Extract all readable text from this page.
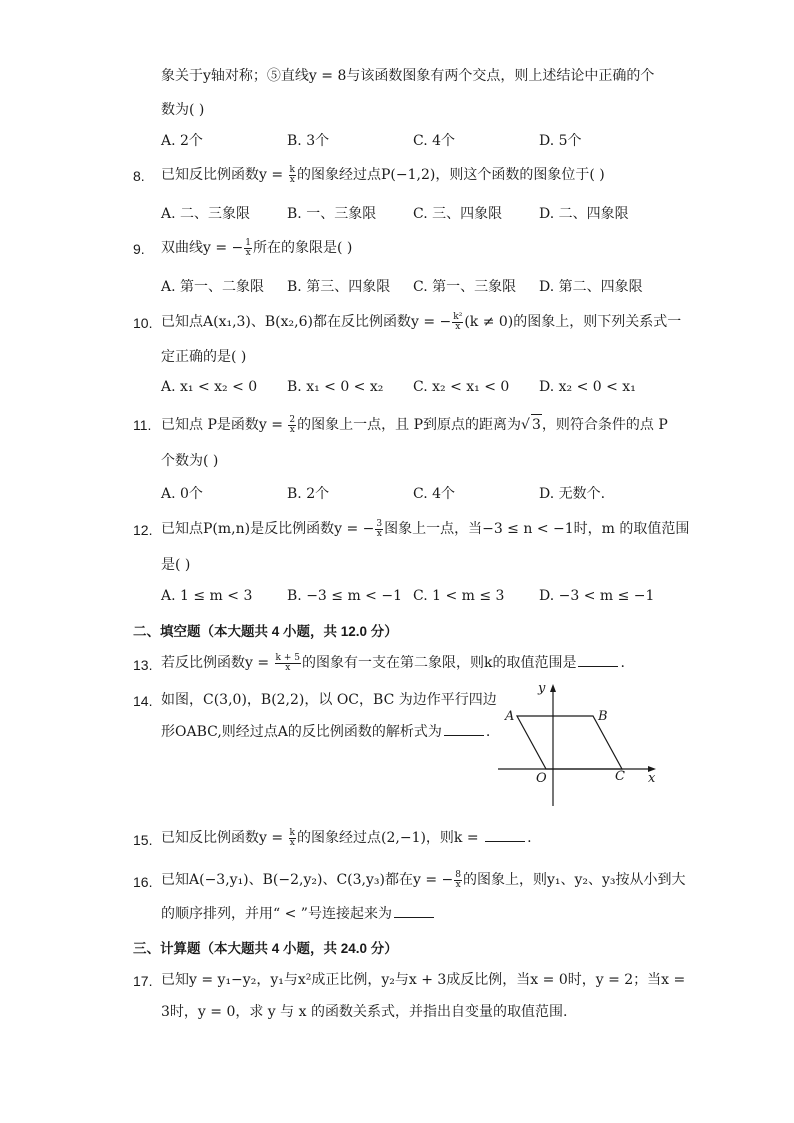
象关于y轴对称；⑤直线y = 8与该函数图象有两个交点，则上述结论中正确的个
数为( )
A. 2个	B. 3个	C. 4个	D. 5个
8. 已知反比例函数$y = \frac{k}{x}$ 的图象经过点P(−1,2)，则这个函数的图象位于( )
A. 二、三象限	B. 一、三象限	C. 三、四象限	D. 二、四象限
9. 双曲线y = − $\frac{1}{x}$ 所在的象限是( )
A. 第一、二象限 B. 第三、四象限 C. 第一、三象限 D. 第二、四象限
10. 已知点A(x₁,3)、B(x₂,6)都在反比例函数y = − $\frac{\text{k²}}{x} (k \ne 0)$的图象上，则下列关系式一
定正确的是( )
A. x₁ < x₂ < 0 B. x₁ < 0 < x₂ C. x₂ < x₁ < 0 D. x₂ < 0 < x₁
11. 已知点 P是函数$y = \frac{2}{x}$ 的图象上一点，且 P到原点的距离为√ 3，则符合条件的点 P
个数为( )
A. 0个	B. 2个	C. 4个	D. 无数个.
12. 已知点P(m,n)是反比例函数y = − $\frac{3}{x}$ 图象上一点，当−3 ≤ n < −1时，m 的取值范围
是( )
A. 1 ≤ m < 3 B. −3 ≤ m < −1 C. 1 < m ≤ 3 D. −3 < m ≤ −1
二、填空题（本大题共 4 小题，共 12.0 分）
13. 若反比例函数$y = \frac{k + 5}{x}$ 的图象有一支在第二象限，则k的取值范围是	.
14. 如图，C(3,0)，B(2,2)，以 OC，BC 为边作平行四边
形OABC,则经过点A的反比例函数的解析式为	.
y
A	B
O	C x
15. 已知反比例函数$y = \frac{k}{x}$ 的图象经过点(2,−1)，则k =	.
16. 已知A(−3,y₁)、B(−2,y₂)、C(3,y₃)都在y = − $\frac{8}{x}$ 的图象上，则y₁、y₂、y₃按从小到大
的顺序排列，并用“ < ”号连接起来为
三、计算题（本大题共 4 小题，共 24.0 分）
17. 已知y = y₁−y₂，y₁与x²成正比例，y₂与x + 3成反比例，当x = 0时，y = 2；当x =
3时，y = 0，求 y 与 x 的函数关系式，并指出自变量的取值范围.
